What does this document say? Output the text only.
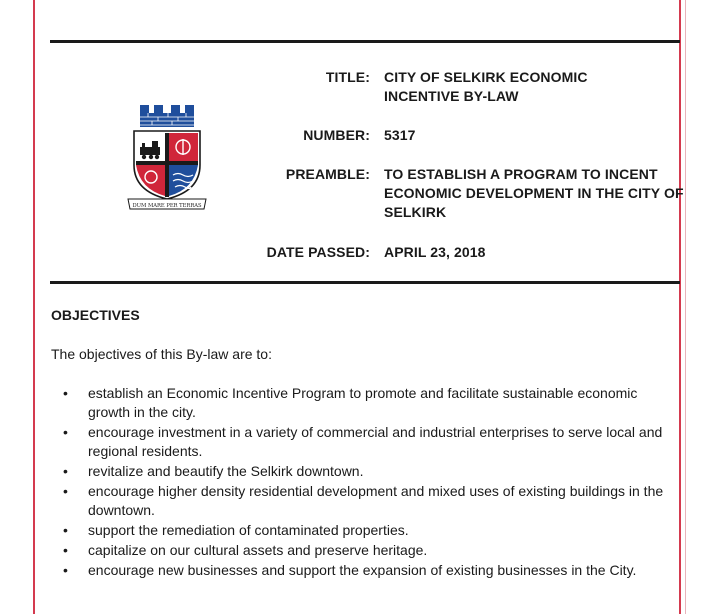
DUM MARE PER TERRAS
TITLE: CITY OF SELKIRK ECONOMIC INCENTIVE BY-LAW
NUMBER: 5317
PREAMBLE: TO ESTABLISH A PROGRAM TO INCENT ECONOMIC DEVELOPMENT IN THE CITY OF SELKIRK
DATE PASSED: APRIL 23, 2018
OBJECTIVES
The objectives of this By-law are to:
• establish an Economic Incentive Program to promote and facilitate sustainable economic growth in the city.
• encourage investment in a variety of commercial and industrial enterprises to serve local and regional residents.
• revitalize and beautify the Selkirk downtown.
• encourage higher density residential development and mixed uses of existing buildings in the downtown.
• support the remediation of contaminated properties.
• capitalize on our cultural assets and preserve heritage.
• encourage new businesses and support the expansion of existing businesses in the City.
